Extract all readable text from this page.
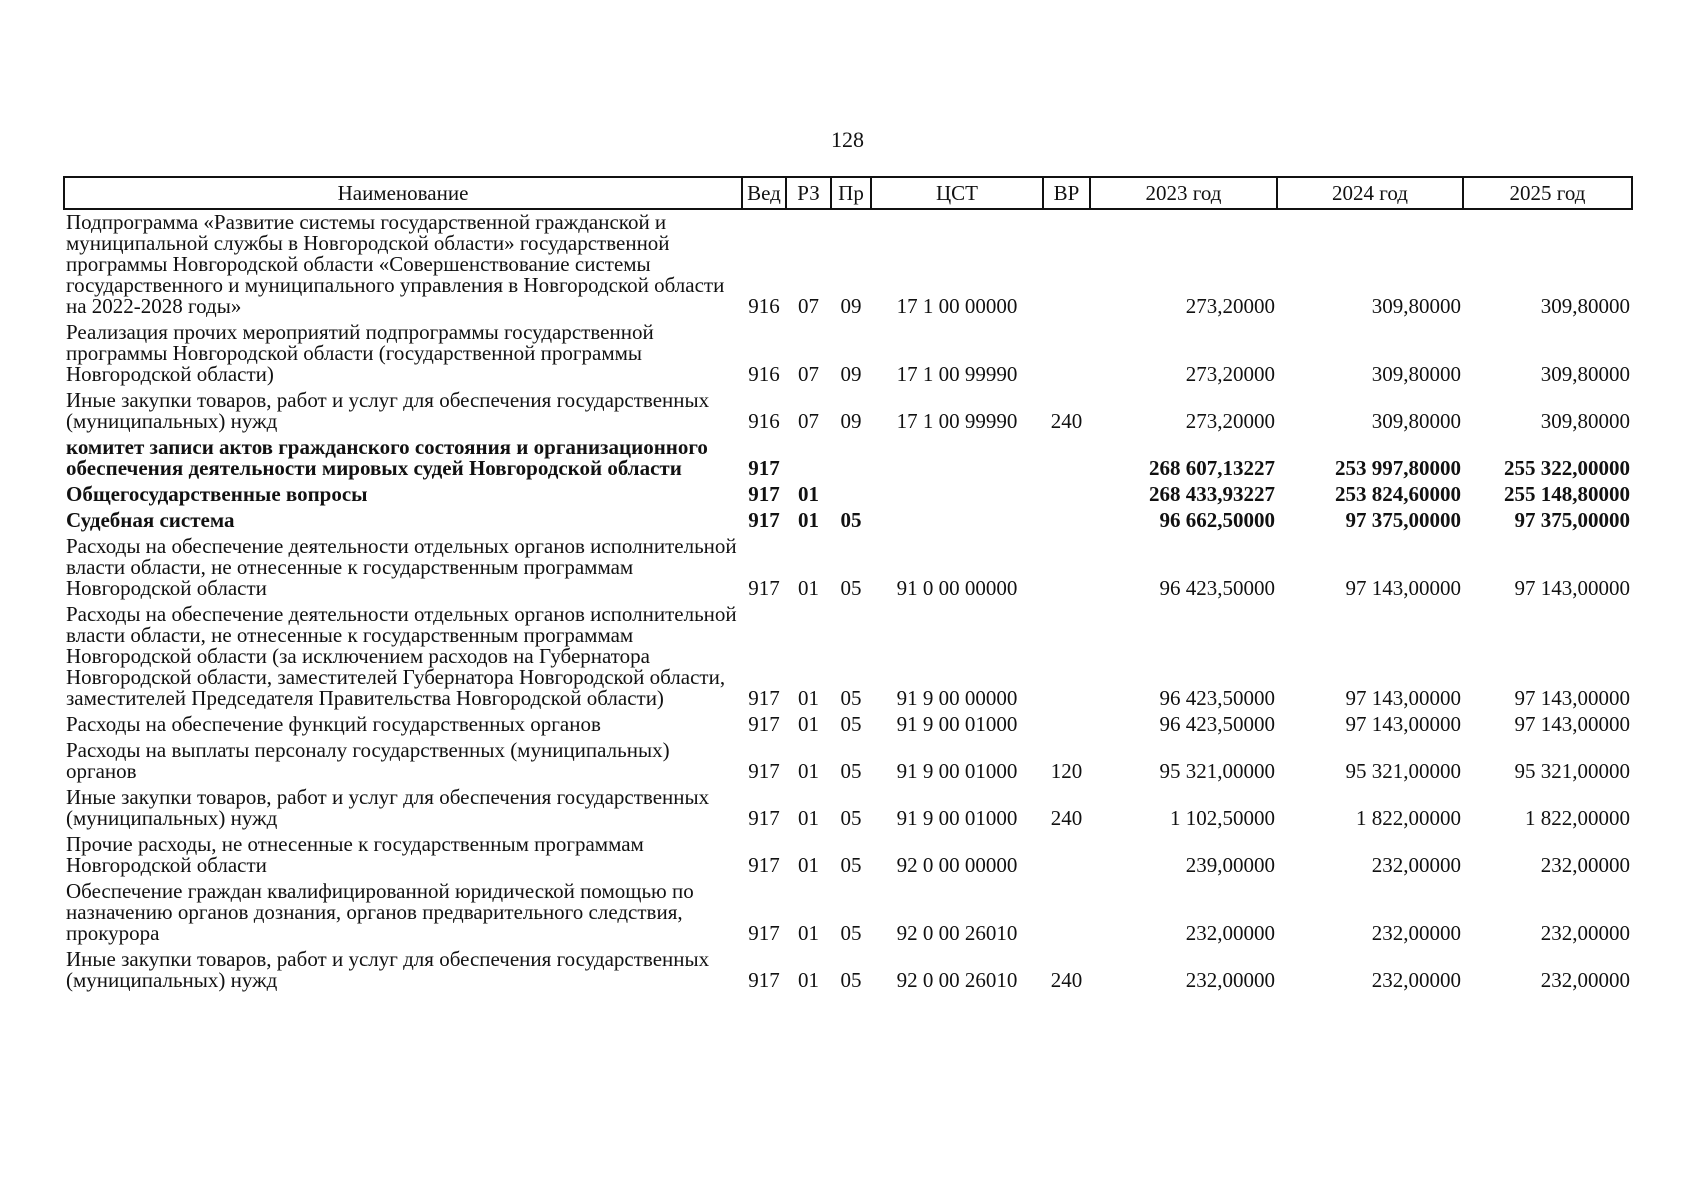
128
Наименование	Вед	РЗ	Пр	ЦСТ	ВР	2023 год	2024 год	2025 год
Подпрограмма «Развитие системы государственной гражданской и муниципальной службы в Новгородской области» государственной программы Новгородской области «Совершенствование системы государственного и муниципального управления в Новгородской области на 2022-2028 годы»	916	07	09	17 1 00 00000		273,20000	309,80000	309,80000
Реализация прочих мероприятий подпрограммы государственной программы Новгородской области (государственной программы Новгородской области)	916	07	09	17 1 00 99990		273,20000	309,80000	309,80000
Иные закупки товаров, работ и услуг для обеспечения государственных (муниципальных) нужд	916	07	09	17 1 00 99990	240	273,20000	309,80000	309,80000
комитет записи актов гражданского состояния и организационного обеспечения деятельности мировых судей Новгородской области	917					268 607,13227	253 997,80000	255 322,00000
Общегосударственные вопросы	917	01				268 433,93227	253 824,60000	255 148,80000
Судебная система	917	01	05			96 662,50000	97 375,00000	97 375,00000
Расходы на обеспечение деятельности отдельных органов исполнительной власти области, не отнесенные к государственным программам Новгородской области	917	01	05	91 0 00 00000		96 423,50000	97 143,00000	97 143,00000
Расходы на обеспечение деятельности отдельных органов исполнительной власти области, не отнесенные к государственным программам Новгородской области (за исключением расходов на Губернатора Новгородской области, заместителей Губернатора Новгородской области, заместителей Председателя Правительства Новгородской области)	917	01	05	91 9 00 00000		96 423,50000	97 143,00000	97 143,00000
Расходы на обеспечение функций государственных органов	917	01	05	91 9 00 01000		96 423,50000	97 143,00000	97 143,00000
Расходы на выплаты персоналу государственных (муниципальных) органов	917	01	05	91 9 00 01000	120	95 321,00000	95 321,00000	95 321,00000
Иные закупки товаров, работ и услуг для обеспечения государственных (муниципальных) нужд	917	01	05	91 9 00 01000	240	1 102,50000	1 822,00000	1 822,00000
Прочие расходы, не отнесенные к государственным программам Новгородской области	917	01	05	92 0 00 00000		239,00000	232,00000	232,00000
Обеспечение граждан квалифицированной юридической помощью по назначению органов дознания, органов предварительного следствия, прокурора	917	01	05	92 0 00 26010		232,00000	232,00000	232,00000
Иные закупки товаров, работ и услуг для обеспечения государственных (муниципальных) нужд	917	01	05	92 0 00 26010	240	232,00000	232,00000	232,00000
